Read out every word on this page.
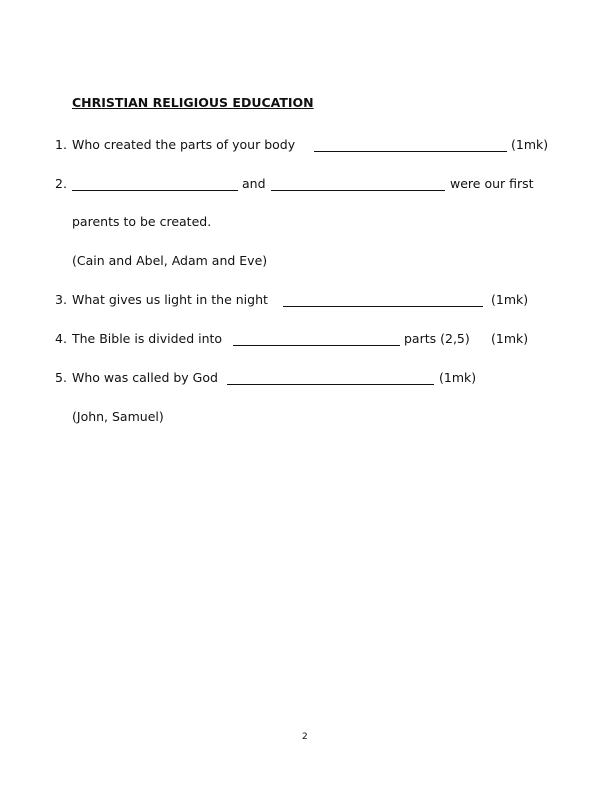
CHRISTIAN RELIGIOUS EDUCATION
1. Who created the parts of your body	(1mk)
2.	and	were our first
parents to be created.
(Cain and Abel, Adam and Eve)
3. What gives us light in the night	(1mk)
4. The Bible is divided into	parts (2,5) (1mk)
5. Who was called by God	(1mk)
(John, Samuel)
2
